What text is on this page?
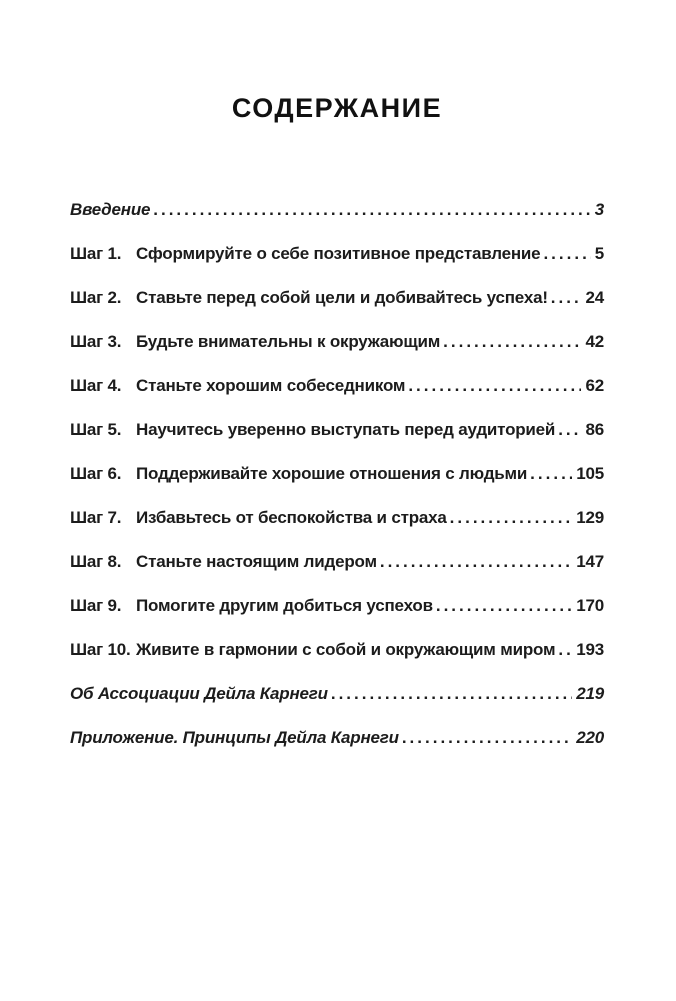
СОДЕРЖАНИЕ
Введение .....	3
Шаг 1. Сформируйте о себе позитивное представление .....	5
Шаг 2. Ставьте перед собой цели и добивайтесь успеха! ..... 24
Шаг 3. Будьте внимательны к окружающим .....	42
Шаг 4. Станьте хорошим собеседником .....	62
Шаг 5. Научитесь уверенно выступать перед аудиторией ..... 86
Шаг 6. Поддерживайте хорошие отношения с людьми .....	105
Шаг 7. Избавьтесь от беспокойства и страха .....	129
Шаг 8. Станьте настоящим лидером .....	147
Шаг 9. Помогите другим добиться успехов .....	170
Шаг 10. Живите в гармонии с собой и окружающим миром ..... 193
Об Ассоциации Дейла Карнеги .....	219
Приложение. Принципы Дейла Карнеги .....	220
